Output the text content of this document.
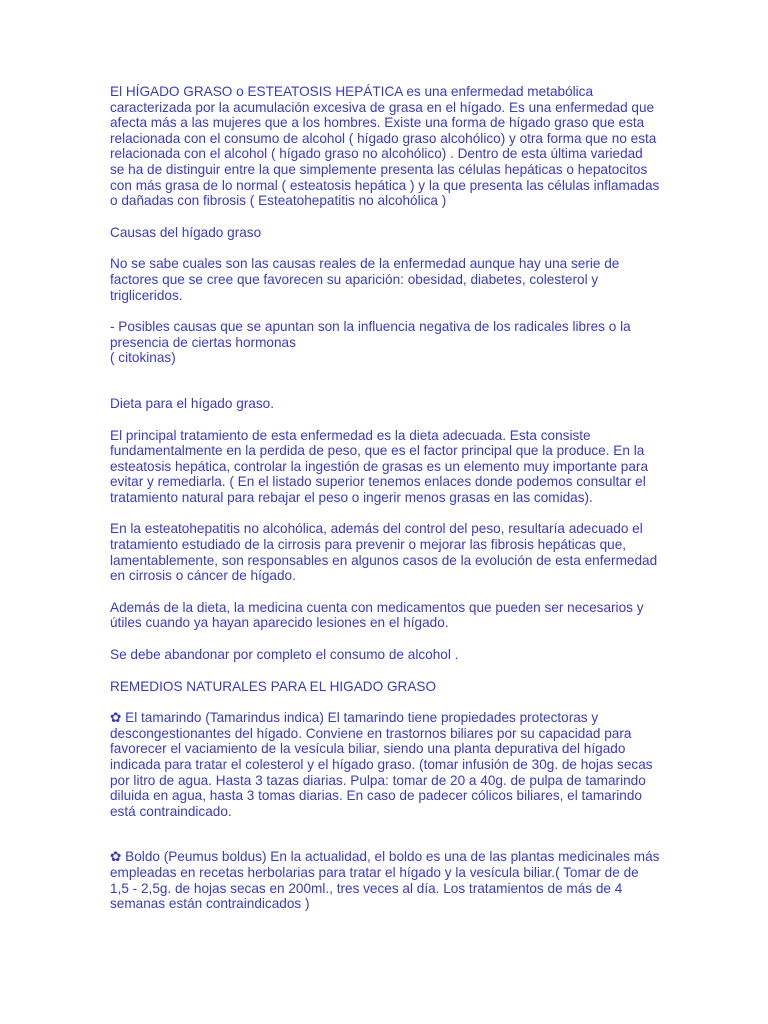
El HÍGADO GRASO o ESTEATOSIS HEPÁTICA es una enfermedad metabólica caracterizada por la acumulación excesiva de grasa en el hígado. Es una enfermedad que afecta más a las mujeres que a los hombres. Existe una forma de hígado graso que esta relacionada con el consumo de alcohol ( hígado graso alcohólico) y otra forma que no esta relacionada con el alcohol ( hígado graso no alcohólico) . Dentro de esta última variedad se ha de distinguir entre la que simplemente presenta las células hepáticas o hepatocitos con más grasa de lo normal ( esteatosis hepática ) y la que presenta las células inflamadas o dañadas con fibrosis ( Esteatohepatitis no alcohólica )

Causas del hígado graso

No se sabe cuales son las causas reales de la enfermedad aunque hay una serie de factores que se cree que favorecen su aparición: obesidad, diabetes, colesterol y trigliceridos.

- Posibles causas que se apuntan son la influencia negativa de los radicales libres o la presencia de ciertas hormonas
( citokinas)

Dieta para el hígado graso.

El principal tratamiento de esta enfermedad es la dieta adecuada. Esta consiste fundamentalmente en la perdida de peso, que es el factor principal que la produce. En la esteatosis hepática, controlar la ingestión de grasas es un elemento muy importante para evitar y remediarla. ( En el listado superior tenemos enlaces donde podemos consultar el tratamiento natural para rebajar el peso o ingerir menos grasas en las comidas).

En la esteatohepatitis no alcohólica, además del control del peso, resultaría adecuado el tratamiento estudiado de la cirrosis para prevenir o mejorar las fibrosis hepáticas que, lamentablemente, son responsables en algunos casos de la evolución de esta enfermedad en cirrosis o cáncer de hígado.

Además de la dieta, la medicina cuenta con medicamentos que pueden ser necesarios y útiles cuando ya hayan aparecido lesiones en el hígado.

Se debe abandonar por completo el consumo de alcohol .

REMEDIOS NATURALES PARA EL HIGADO GRASO

✿ El tamarindo (Tamarindus indica) El tamarindo tiene propiedades protectoras y descongestionantes del hígado. Conviene en trastornos biliares por su capacidad para favorecer el vaciamiento de la vesícula biliar, siendo una planta depurativa del hígado indicada para tratar el colesterol y el hígado graso. (tomar infusión de 30g. de hojas secas por litro de agua. Hasta 3 tazas diarias. Pulpa: tomar de 20 a 40g. de pulpa de tamarindo diluida en agua, hasta 3 tomas diarias. En caso de padecer cólicos biliares, el tamarindo está contraindicado.

✿ Boldo (Peumus boldus) En la actualidad, el boldo es una de las plantas medicinales más empleadas en recetas herbolarias para tratar el hígado y la vesícula biliar.( Tomar de de 1,5 - 2,5g. de hojas secas en 200ml., tres veces al día. Los tratamientos de más de 4 semanas están contraindicados )
